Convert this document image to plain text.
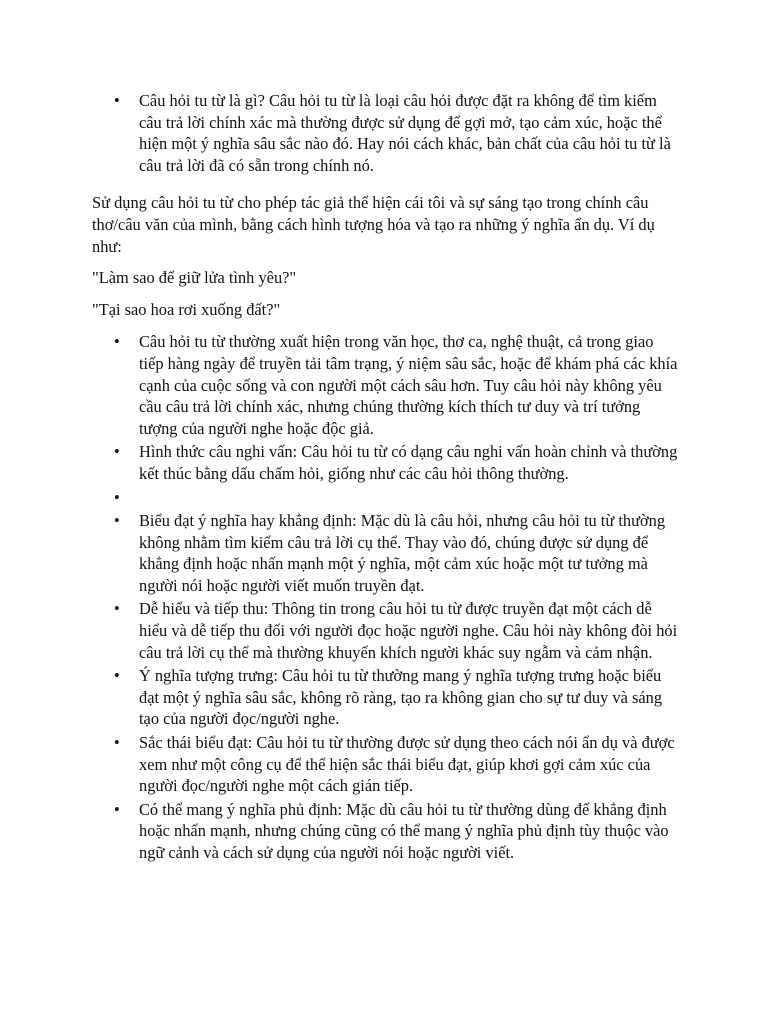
• Câu hỏi tu từ là gì? Câu hỏi tu từ là loại câu hỏi được đặt ra không để tìm kiếm câu trả lời chính xác mà thường được sử dụng để gợi mở, tạo cảm xúc, hoặc thể hiện một ý nghĩa sâu sắc nào đó. Hay nói cách khác, bản chất của câu hỏi tu từ là câu trả lời đã có sẵn trong chính nó.

Sử dụng câu hỏi tu từ cho phép tác giả thể hiện cái tôi và sự sáng tạo trong chính câu thơ/câu văn của mình, bằng cách hình tượng hóa và tạo ra những ý nghĩa ẩn dụ. Ví dụ như:

"Làm sao để giữ lửa tình yêu?"

"Tại sao hoa rơi xuống đất?"

• Câu hỏi tu từ thường xuất hiện trong văn học, thơ ca, nghệ thuật, cả trong giao tiếp hàng ngày để truyền tải tâm trạng, ý niệm sâu sắc, hoặc để khám phá các khía cạnh của cuộc sống và con người một cách sâu hơn. Tuy câu hỏi này không yêu cầu câu trả lời chính xác, nhưng chúng thường kích thích tư duy và trí tưởng tượng của người nghe hoặc độc giả.
• Hình thức câu nghi vấn: Câu hỏi tu từ có dạng câu nghi vấn hoàn chỉnh và thường kết thúc bằng dấu chấm hỏi, giống như các câu hỏi thông thường.
•
• Biểu đạt ý nghĩa hay khẳng định: Mặc dù là câu hỏi, nhưng câu hỏi tu từ thường không nhằm tìm kiếm câu trả lời cụ thể. Thay vào đó, chúng được sử dụng để khẳng định hoặc nhấn mạnh một ý nghĩa, một cảm xúc hoặc một tư tưởng mà người nói hoặc người viết muốn truyền đạt.
• Dễ hiểu và tiếp thu: Thông tin trong câu hỏi tu từ được truyền đạt một cách dễ hiểu và dễ tiếp thu đối với người đọc hoặc người nghe. Câu hỏi này không đòi hỏi câu trả lời cụ thể mà thường khuyến khích người khác suy ngẫm và cảm nhận.
• Ý nghĩa tượng trưng: Câu hỏi tu từ thường mang ý nghĩa tượng trưng hoặc biểu đạt một ý nghĩa sâu sắc, không rõ ràng, tạo ra không gian cho sự tư duy và sáng tạo của người đọc/người nghe.
• Sắc thái biểu đạt: Câu hỏi tu từ thường được sử dụng theo cách nói ẩn dụ và được xem như một công cụ để thể hiện sắc thái biểu đạt, giúp khơi gợi cảm xúc của người đọc/người nghe một cách gián tiếp.
• Có thể mang ý nghĩa phủ định: Mặc dù câu hỏi tu từ thường dùng để khẳng định hoặc nhấn mạnh, nhưng chúng cũng có thể mang ý nghĩa phủ định tùy thuộc vào ngữ cảnh và cách sử dụng của người nói hoặc người viết.
